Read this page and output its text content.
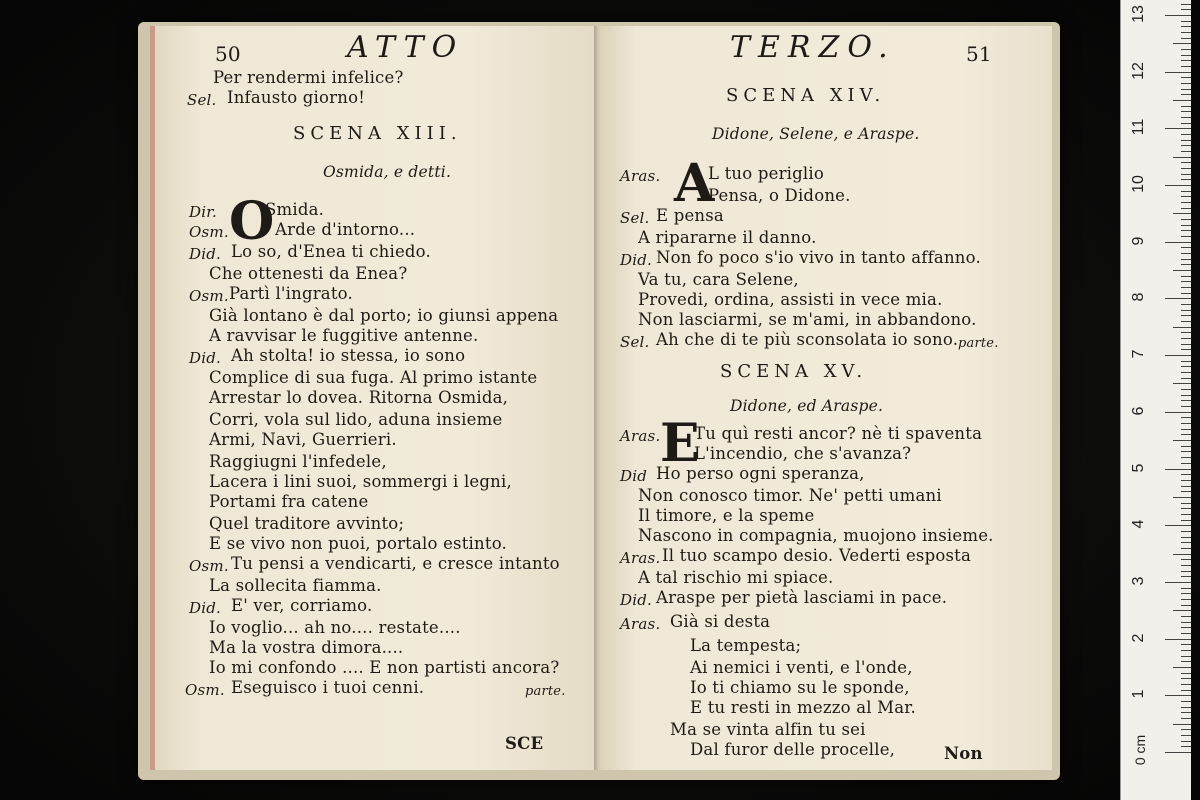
50	ATTO
Per rendermi infelice?
Sel. Infausto giorno!
SCENA XIII.
Osmida, e detti.
O
Dir.	Smida.
Osm.	Arde d'intorno...
Did. Lo so, d'Enea ti chiedo.
Che ottenesti da Enea?
Osm. Partì l'ingrato.
Già lontano è dal porto; io giunsi appena
A ravvisar le fuggitive antenne.
Did. Ah stolta! io stessa, io sono
Complice di sua fuga. Al primo istante
Arrestar lo dovea. Ritorna Osmida,
Corri, vola sul lido, aduna insieme
Armi, Navi, Guerrieri.
Raggiugni l'infedele,
Lacera i lini suoi, sommergi i legni,
Portami fra catene
Quel traditore avvinto;
E se vivo non puoi, portalo estinto.
Osm. Tu pensi a vendicarti, e cresce intanto
La sollecita fiamma.
Did. E' ver, corriamo.
Io voglio... ah no.... restate....
Ma la vostra dimora....
Io mi confondo .... E non partisti ancora?
Osm. Eseguisco i tuoi cenni.	parte.
SCE
TERZO.	51
SCENA XIV.
Didone, Selene, e Araspe.
A
Aras.	L tuo periglio
Pensa, o Didone.
Sel. E pensa
A ripararne il danno.
Did. Non fo poco s'io vivo in tanto affanno.
Va tu, cara Selene,
Provedi, ordina, assisti in vece mia.
Non lasciarmi, se m'ami, in abbandono.
Sel. Ah che di te più sconsolata io sono. parte.
SCENA XV.
Didone, ed Araspe.
E
Aras. Tu quì resti ancor? nè ti spaventa
L'incendio, che s'avanza?
Did Ho perso ogni speranza,
Non conosco timor. Ne' petti umani
Il timore, e la speme
Nascono in compagnia, muojono insieme.
Aras. Il tuo scampo desio. Vederti esposta
A tal rischio mi spiace.
Did. Araspe per pietà lasciami in pace.
Aras. Già si desta
La tempesta;
Ai nemici i venti, e l'onde,
Io ti chiamo su le sponde,
E tu resti in mezzo al Mar.
Ma se vinta alfin tu sei
Dal furor delle procelle,	Non	0 cm
1
2
3
4
5
6
7
8
9
10
11
12
13
